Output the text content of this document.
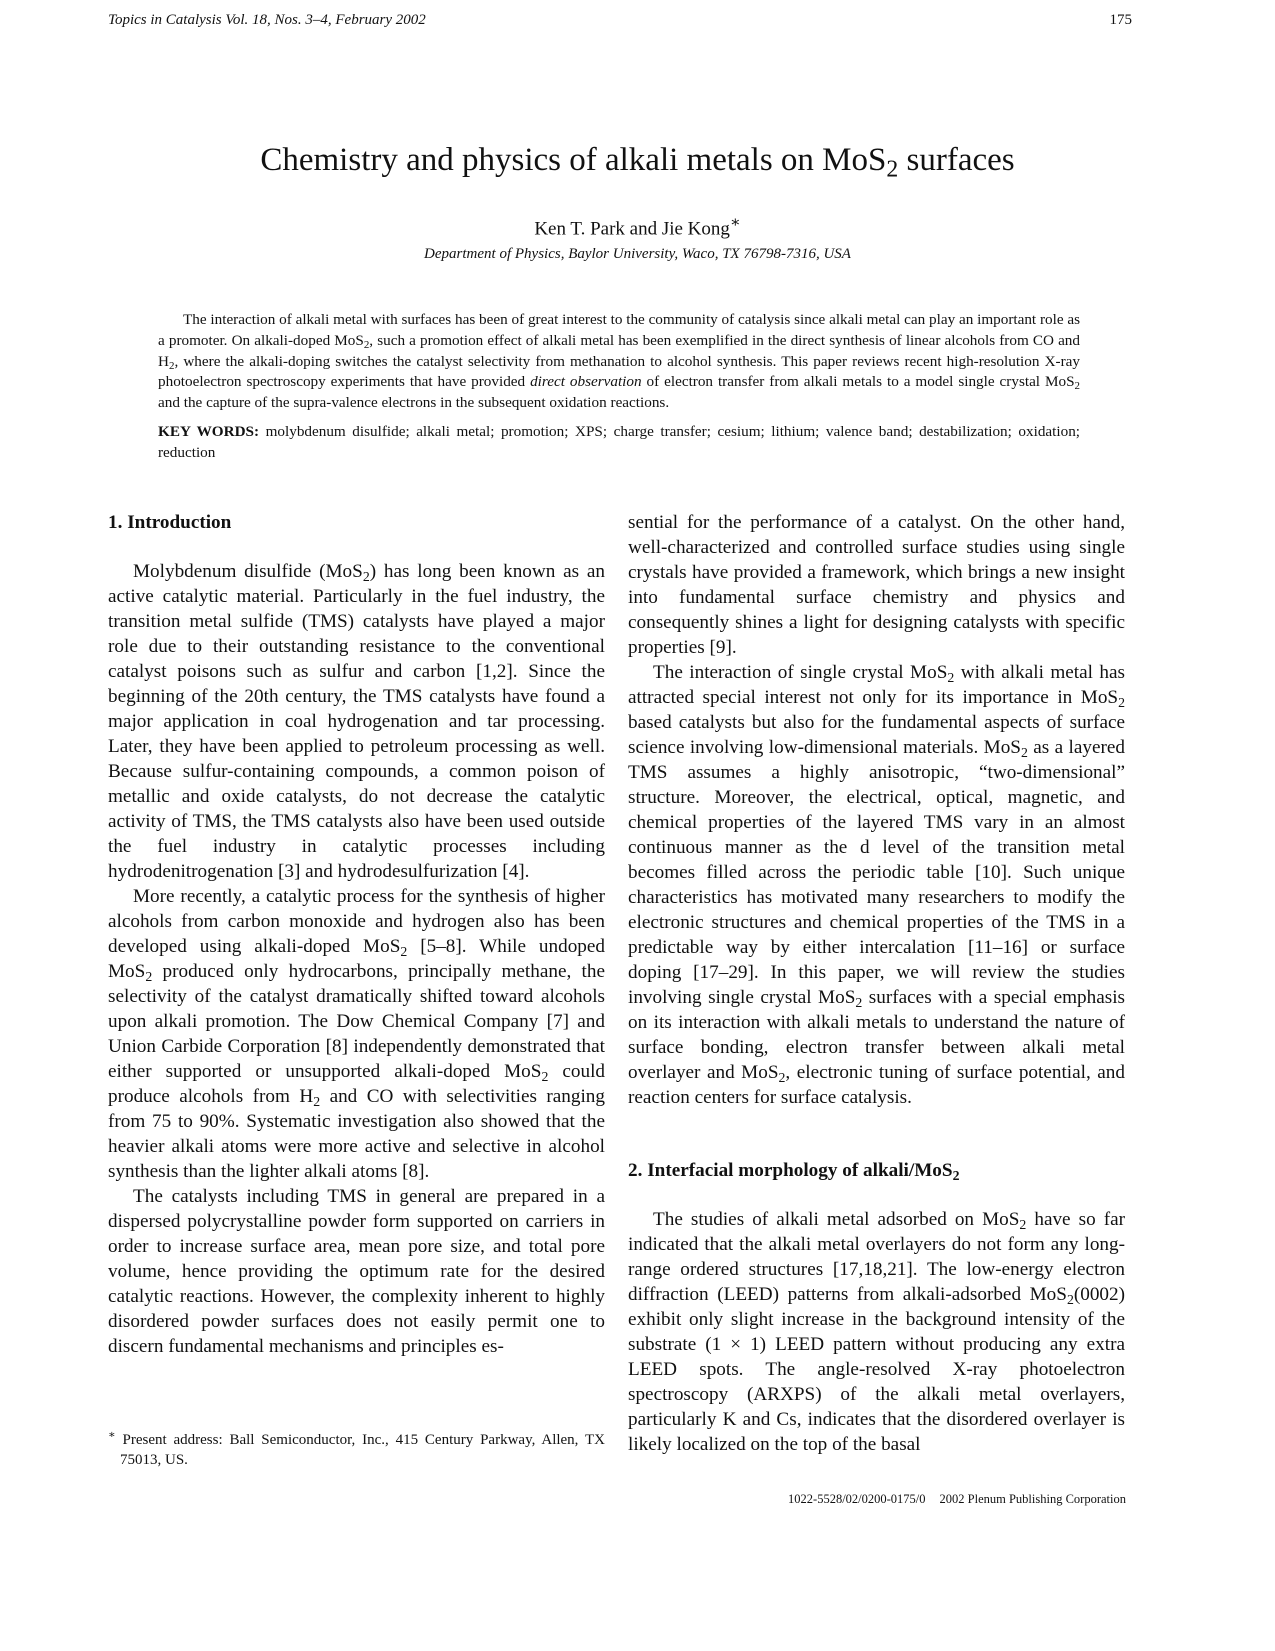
Topics in Catalysis Vol. 18, Nos. 3–4, February 2002	175
Chemistry and physics of alkali metals on MoS$_2$ surfaces
Ken T. Park and Jie Kong∗
Department of Physics, Baylor University, Waco, TX 76798-7316, USA

The interaction of alkali metal with surfaces has been of great interest to the community of catalysis since alkali metal can play an important role as a promoter. On alkali-doped MoS$_2$, such a promotion effect of alkali metal has been exemplified in the direct synthesis of linear alcohols from CO and $H_2$, where the alkali-doping switches the catalyst selectivity from methanation to alcohol synthesis. This paper reviews recent high-resolution X-ray photoelectron spectroscopy experiments that have provided direct observation of electron transfer from alkali metals to a model single crystal MoS$_2$ and the capture of the supra-valence electrons in the subsequent oxidation reactions.

KEY WORDS: molybdenum disulfide; alkali metal; promotion; XPS; charge transfer; cesium; lithium; valence band; destabilization; oxidation; reduction
1. Introduction

Molybdenum disulfide (MoS$_2$) has long been known as an active catalytic material. Particularly in the fuel industry, the transition metal sulfide (TMS) catalysts have played a major role due to their outstanding resistance to the conventional catalyst poisons such as sulfur and carbon [1,2]. Since the beginning of the 20th century, the TMS catalysts have found a major application in coal hydrogenation and tar processing. Later, they have been applied to petroleum processing as well. Because sulfur-containing compounds, a common poison of metallic and oxide catalysts, do not decrease the catalytic activity of TMS, the TMS catalysts also have been used outside the fuel industry in catalytic processes including hydrodenitrogenation [3] and hydrodesulfurization [4].

More recently, a catalytic process for the synthesis of higher alcohols from carbon monoxide and hydrogen also has been developed using alkali-doped MoS$_2$ [5–8]. While undoped MoS$_2$ produced only hydrocarbons, principally methane, the selectivity of the catalyst dramatically shifted toward alcohols upon alkali promotion. The Dow Chemical Company [7] and Union Carbide Corporation [8] independently demonstrated that either supported or unsupported alkali-doped MoS$_2$ could produce alcohols from $H_2$ and CO with selectivities ranging from 75 to 90%. Systematic investigation also showed that the heavier alkali atoms were more active and selective in alcohol synthesis than the lighter alkali atoms [8].

The catalysts including TMS in general are prepared in a dispersed polycrystalline powder form supported on carriers in order to increase surface area, mean pore size, and total pore volume, hence providing the optimum rate for the desired catalytic reactions. However, the complexity inherent to highly disordered powder surfaces does not easily permit one to discern fundamental mechanisms and principles es-

sential for the performance of a catalyst. On the other hand, well-characterized and controlled surface studies using single crystals have provided a framework, which brings a new insight into fundamental surface chemistry and physics and consequently shines a light for designing catalysts with specific properties [9].

The interaction of single crystal MoS$_2$ with alkali metal has attracted special interest not only for its importance in MoS$_2$ based catalysts but also for the fundamental aspects of surface science involving low-dimensional materials. MoS$_2$ as a layered TMS assumes a highly anisotropic, “two-dimensional” structure. Moreover, the electrical, optical, magnetic, and chemical properties of the layered TMS vary in an almost continuous manner as the d level of the transition metal becomes filled across the periodic table [10]. Such unique characteristics has motivated many researchers to modify the electronic structures and chemical properties of the TMS in a predictable way by either intercalation [11–16] or surface doping [17–29]. In this paper, we will review the studies involving single crystal MoS$_2$ surfaces with a special emphasis on its interaction with alkali metals to understand the nature of surface bonding, electron transfer between alkali metal overlayer and MoS$_2$, electronic tuning of surface potential, and reaction centers for surface catalysis.

2. Interfacial morphology of alkali/MoS$_2$

The studies of alkali metal adsorbed on MoS$_2$ have so far indicated that the alkali metal overlayers do not form any long-range ordered structures [17,18,21]. The low-energy electron diffraction (LEED) patterns from alkali-adsorbed MoS$_2$(0002) exhibit only slight increase in the background intensity of the substrate (1 × 1) LEED pattern without producing any extra LEED spots. The angle-resolved X-ray photoelectron spectroscopy (ARXPS) of the alkali metal overlayers, particularly K and Cs, indicates that the disordered overlayer is likely localized on the top of the basal

∗ Present address: Ball Semiconductor, Inc., 415 Century Parkway, Allen, TX 75013, US.
1022-5528/02/0200-0175/0 2002 Plenum Publishing Corporation
